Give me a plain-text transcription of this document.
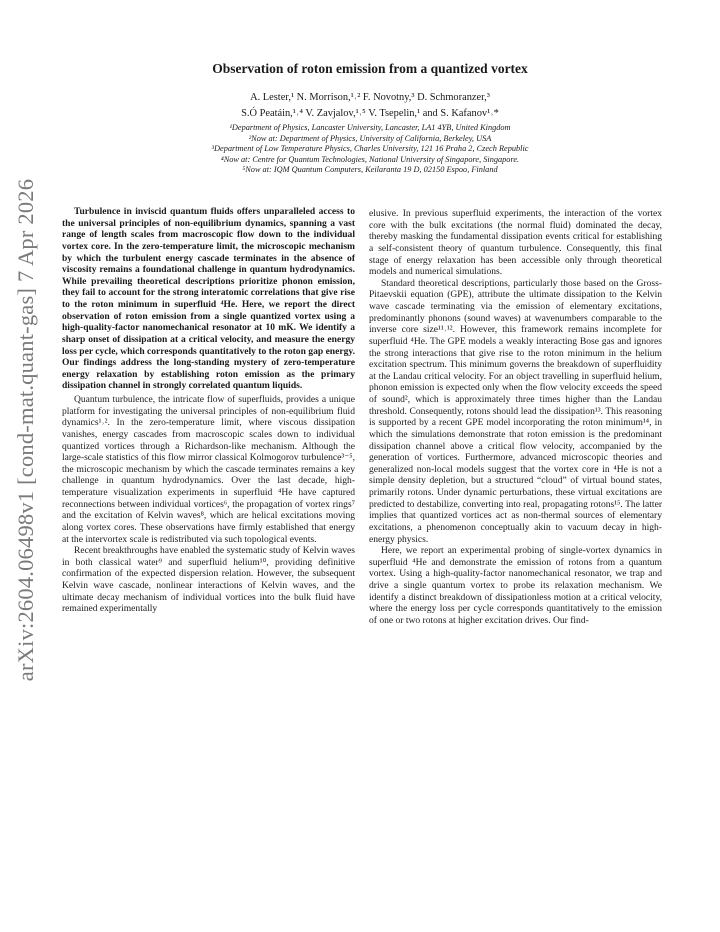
arXiv:2604.06498v1 [cond-mat.quant-gas] 7 Apr 2026
Observation of roton emission from a quantized vortex
A. Lester,¹ N. Morrison,¹˒² F. Novotny,³ D. Schmoranzer,³
S.Ó Peatáin,¹˒⁴ V. Zavjalov,¹˒⁵ V. Tsepelin,¹ and S. Kafanov¹˒*
¹Department of Physics, Lancaster University, Lancaster, LA1 4YB, United Kingdom
²Now at: Department of Physics, University of California, Berkeley, USA
³Department of Low Temperature Physics, Charles University, 121 16 Praha 2, Czech Republic
⁴Now at: Centre for Quantum Technologies, National University of Singapore, Singapore.
⁵Now at: IQM Quantum Computers, Keilaranta 19 D, 02150 Espoo, Finland

Turbulence in inviscid quantum fluids offers unparalleled access to the universal principles of non-equilibrium dynamics, spanning a vast range of length scales from macroscopic flow down to the individual vortex core. In the zero-temperature limit, the microscopic mechanism by which the turbulent energy cascade terminates in the absence of viscosity remains a foundational challenge in quantum hydrodynamics. While prevailing theoretical descriptions prioritize phonon emission, they fail to account for the strong interatomic correlations that give rise to the roton minimum in superfluid ⁴He. Here, we report the direct observation of roton emission from a single quantized vortex using a high-quality-factor nanomechanical resonator at 10 mK. We identify a sharp onset of dissipation at a critical velocity, and measure the energy loss per cycle, which corresponds quantitatively to the roton gap energy. Our findings address the long-standing mystery of zero-temperature energy relaxation by establishing roton emission as the primary dissipation channel in strongly correlated quantum liquids.

Quantum turbulence, the intricate flow of superfluids, provides a unique platform for investigating the universal principles of non-equilibrium fluid dynamics¹˒². In the zero-temperature limit, where viscous dissipation vanishes, energy cascades from macroscopic scales down to individual quantized vortices through a Richardson-like mechanism. Although the large-scale statistics of this flow mirror classical Kolmogorov turbulence³⁻⁵, the microscopic mechanism by which the cascade terminates remains a key challenge in quantum hydrodynamics. Over the last decade, high-temperature visualization experiments in superfluid ⁴He have captured reconnections between individual vortices⁶, the propagation of vortex rings⁷ and the excitation of Kelvin waves⁸, which are helical excitations moving along vortex cores. These observations have firmly established that energy at the intervortex scale is redistributed via such topological events.

Recent breakthroughs have enabled the systematic study of Kelvin waves in both classical water⁹ and superfluid helium¹⁰, providing definitive confirmation of the expected dispersion relation. However, the subsequent Kelvin wave cascade, nonlinear interactions of Kelvin waves, and the ultimate decay mechanism of individual vortices into the bulk fluid have remained experimentally

elusive. In previous superfluid experiments, the interaction of the vortex core with the bulk excitations (the normal fluid) dominated the decay, thereby masking the fundamental dissipation events critical for establishing a self-consistent theory of quantum turbulence. Consequently, this final stage of energy relaxation has been accessible only through theoretical models and numerical simulations.

Standard theoretical descriptions, particularly those based on the Gross-Pitaevskii equation (GPE), attribute the ultimate dissipation to the Kelvin wave cascade terminating via the emission of elementary excitations, predominantly phonons (sound waves) at wavenumbers comparable to the inverse core size¹¹˒¹². However, this framework remains incomplete for superfluid ⁴He. The GPE models a weakly interacting Bose gas and ignores the strong interactions that give rise to the roton minimum in the helium excitation spectrum. This minimum governs the breakdown of superfluidity at the Landau critical velocity. For an object travelling in superfluid helium, phonon emission is expected only when the flow velocity exceeds the speed of sound², which is approximately three times higher than the Landau threshold. Consequently, rotons should lead the dissipation¹³. This reasoning is supported by a recent GPE model incorporating the roton minimum¹⁴, in which the simulations demonstrate that roton emission is the predominant dissipation channel above a critical flow velocity, accompanied by the generation of vortices. Furthermore, advanced microscopic theories and generalized non-local models suggest that the vortex core in ⁴He is not a simple density depletion, but a structured “cloud” of virtual bound states, primarily rotons. Under dynamic perturbations, these virtual excitations are predicted to destabilize, converting into real, propagating rotons¹⁵. The latter implies that quantized vortices act as non-thermal sources of elementary excitations, a phenomenon conceptually akin to vacuum decay in high-energy physics.

Here, we report an experimental probing of single-vortex dynamics in superfluid ⁴He and demonstrate the emission of rotons from a quantum vortex. Using a high-quality-factor nanomechanical resonator, we trap and drive a single quantum vortex to probe its relaxation mechanism. We identify a distinct breakdown of dissipationless motion at a critical velocity, where the energy loss per cycle corresponds quantitatively to the emission of one or two rotons at higher excitation drives. Our find-
